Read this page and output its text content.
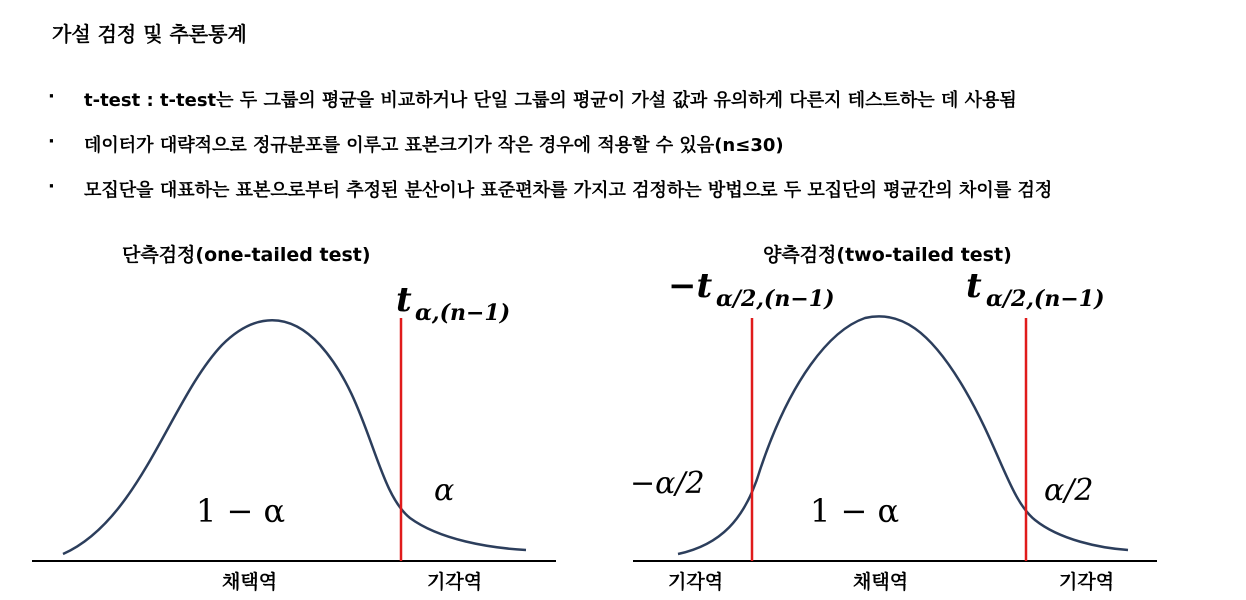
가설 검정 및 추론통계
· t-test : t-test는 두 그룹의 평균을 비교하거나 단일 그룹의 평균이 가설 값과 유의하게 다른지 테스트하는 데 사용됨
· 데이터가 대략적으로 정규분포를 이루고 표본크기가 작은 경우에 적용할 수 있음(n≤30)
· 모집단을 대표하는 표본으로부터 추정된 분산이나 표준편차를 가지고 검정하는 방법으로 두 모집단의 평균간의 차이를 검정
단측검정(one-tailed test)	양측검정(two-tailed test)
t α,(n−1)
1 − α
α
채택역	기각역
−t α/2,(n−1)	t α/2,(n−1)
−α/2
1 − α
α/2
기각역	채택역	기각역
